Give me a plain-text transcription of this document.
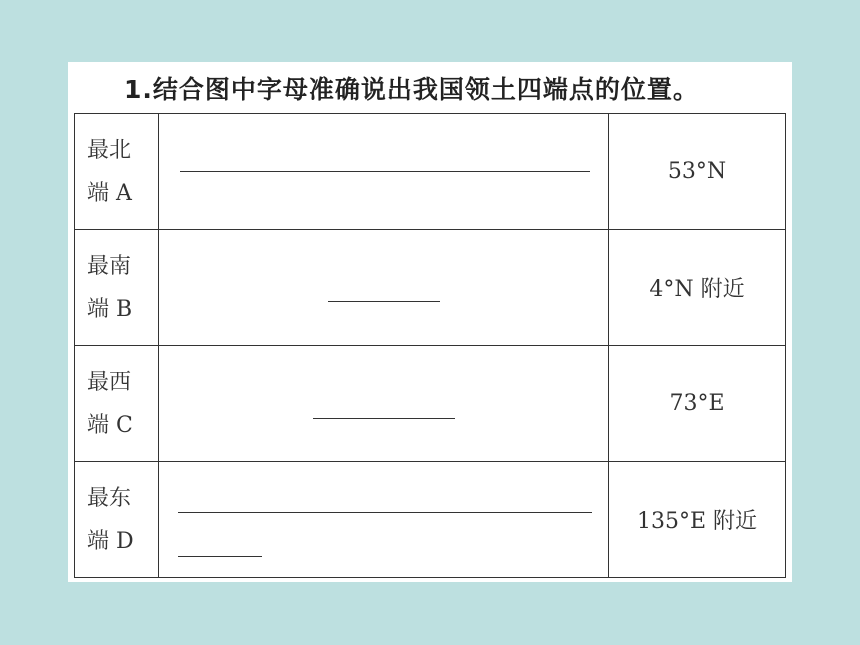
1.结合图中字母准确说出我国领土四端点的位置。
最北
端 A		53°N

最南
端 B		4°N 附近

最西
端 C		73°E

最东
端 D		135°E 附近
